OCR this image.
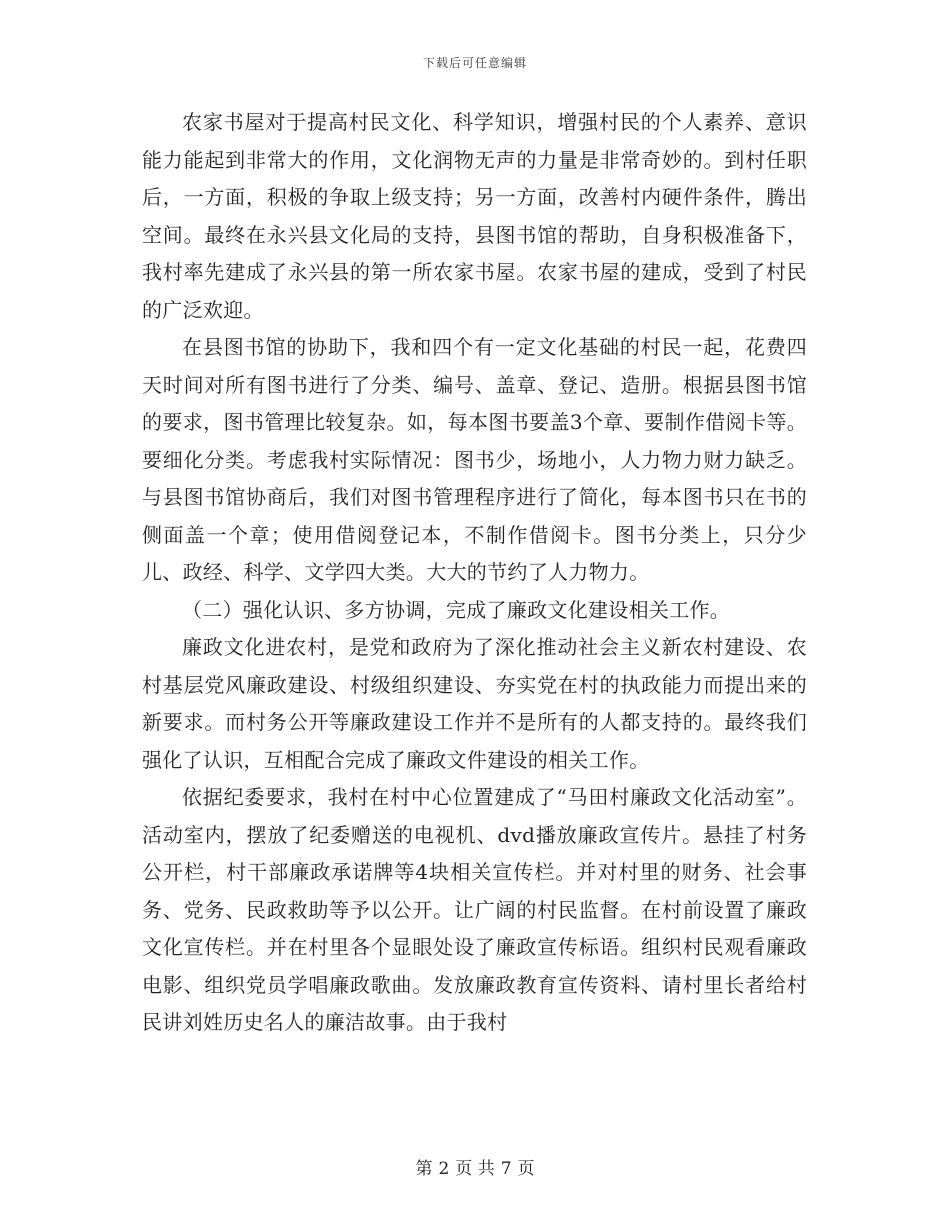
下载后可任意编辑

农家书屋对于提高村民文化、科学知识，增强村民的个人素养、意识能力能起到非常大的作用，文化润物无声的力量是非常奇妙的。到村任职后，一方面，积极的争取上级支持；另一方面，改善村内硬件条件，腾出空间。最终在永兴县文化局的支持，县图书馆的帮助，自身积极准备下，我村率先建成了永兴县的第一所农家书屋。农家书屋的建成，受到了村民的广泛欢迎。

在县图书馆的协助下，我和四个有一定文化基础的村民一起，花费四天时间对所有图书进行了分类、编号、盖章、登记、造册。根据县图书馆的要求，图书管理比较复杂。如，每本图书要盖3个章、要制作借阅卡等。要细化分类。考虑我村实际情况：图书少，场地小，人力物力财力缺乏。与县图书馆协商后，我们对图书管理程序进行了简化，每本图书只在书的侧面盖一个章；使用借阅登记本，不制作借阅卡。图书分类上，只分少儿、政经、科学、文学四大类。大大的节约了人力物力。

（二）强化认识、多方协调，完成了廉政文化建设相关工作。

廉政文化进农村，是党和政府为了深化推动社会主义新农村建设、农村基层党风廉政建设、村级组织建设、夯实党在村的执政能力而提出来的新要求。而村务公开等廉政建设工作并不是所有的人都支持的。最终我们强化了认识，互相配合完成了廉政文件建设的相关工作。

依据纪委要求，我村在村中心位置建成了“马田村廉政文化活动室”。活动室内，摆放了纪委赠送的电视机、dvd播放廉政宣传片。悬挂了村务公开栏，村干部廉政承诺牌等4块相关宣传栏。并对村里的财务、社会事务、党务、民政救助等予以公开。让广阔的村民监督。在村前设置了廉政文化宣传栏。并在村里各个显眼处设了廉政宣传标语。组织村民观看廉政电影、组织党员学唱廉政歌曲。发放廉政教育宣传资料、请村里长者给村民讲刘姓历史名人的廉洁故事。由于我村

第 2 页 共 7 页
